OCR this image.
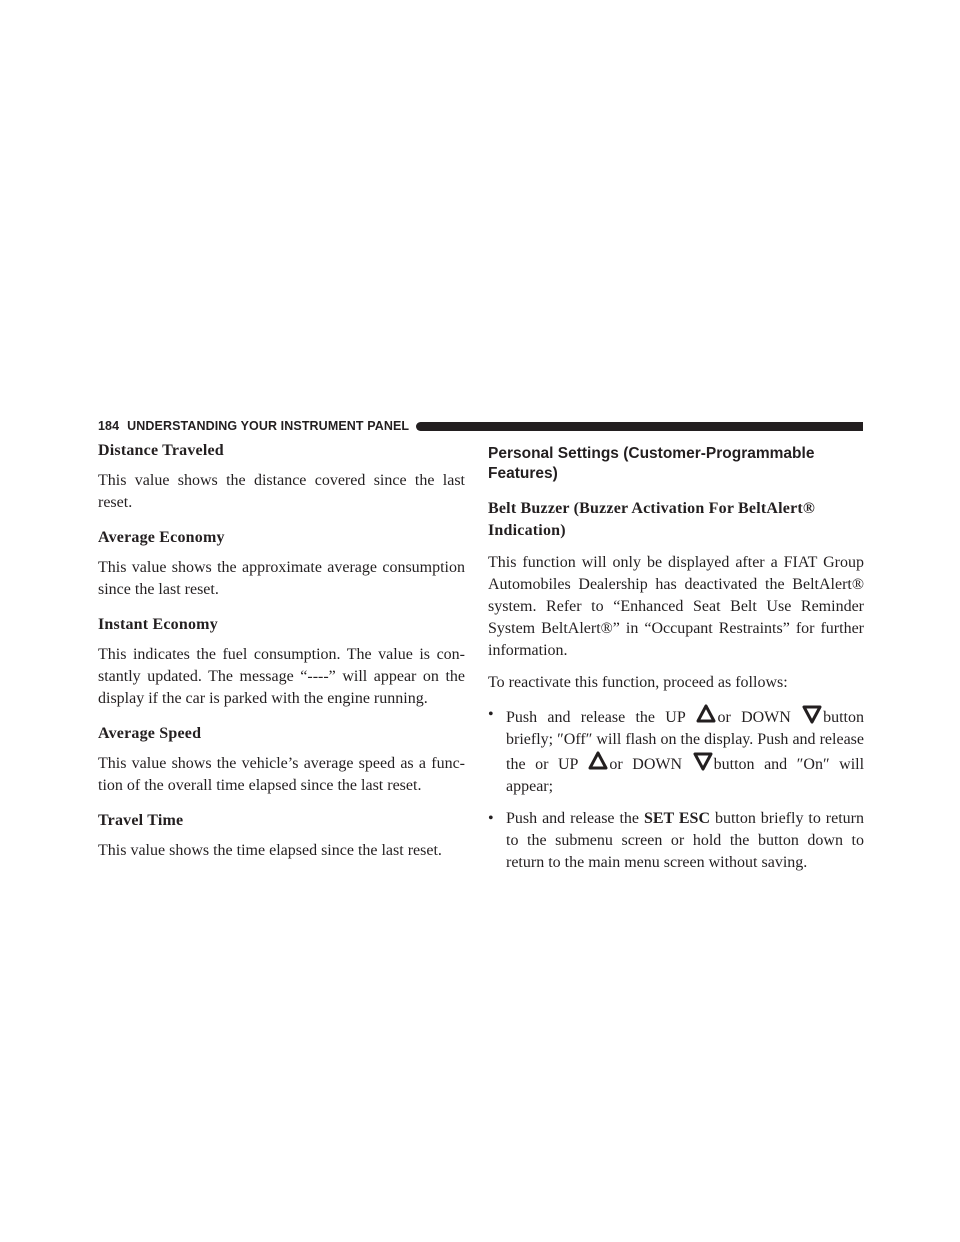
184 UNDERSTANDING YOUR INSTRUMENT PANEL

Distance Traveled

This value shows the distance covered since the last reset.

Average Economy

This value shows the approximate average consumption since the last reset.

Instant Economy

This indicates the fuel consumption. The value is con-stantly updated. The message “----” will appear on the display if the car is parked with the engine running.

Average Speed

This value shows the vehicle’s average speed as a func-tion of the overall time elapsed since the last reset.

Travel Time

This value shows the time elapsed since the last reset.

Personal Settings (Customer-Programmable Features)

Belt Buzzer (Buzzer Activation For BeltAlert® Indication)

This function will only be displayed after a FIAT Group Automobiles Dealership has deactivated the BeltAlert® system. Refer to “Enhanced Seat Belt Use Reminder System BeltAlert®” in “Occupant Restraints” for further information.

To reactivate this function, proceed as follows:

• Push and release the UP or DOWN button briefly; ″Off″ will flash on the display. Push and release the or UP or DOWN button and ″On″ will appear;
• Push and release the SET ESC button briefly to return to the submenu screen or hold the button down to return to the main menu screen without saving.
